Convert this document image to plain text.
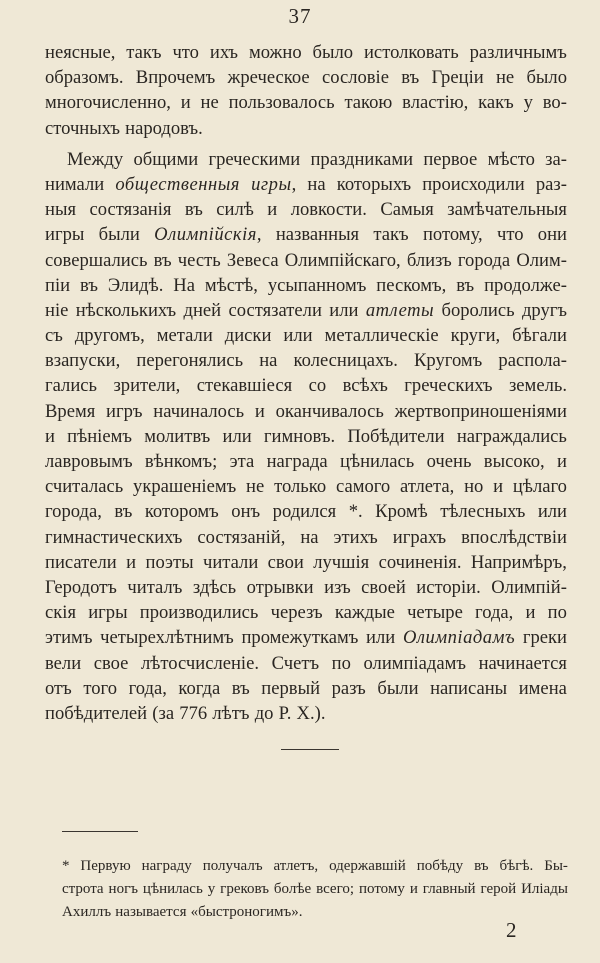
37
неясные, такъ что ихъ можно было истолковать различнымъ
образомъ. Впрочемъ жреческое сословіе въ Греціи не было
многочисленно, и не пользовалось такою властію, какъ у во-
сточныхъ народовъ.
Между общими греческими праздниками первое мѣсто за-
нимали общественныя игры, на которыхъ происходили раз-
ныя состязанія въ силѣ и ловкости. Самыя замѣчательныя
игры были Олимпійскія, названныя такъ потому, что они
совершались въ честь Зевеса Олимпійскаго, близъ города Олим-
піи въ Элидѣ. На мѣстѣ, усыпанномъ пескомъ, въ продолже-
ніе нѣсколькихъ дней состязатели или атлеты боролись другъ
съ другомъ, метали диски или металлическіе круги, бѣгали
взапуски, перегонялись на колесницахъ. Кругомъ распола-
гались зрители, стекавшіеся со всѣхъ греческихъ земель.
Время игръ начиналось и оканчивалось жертвоприношеніями
и пѣніемъ молитвъ или гимновъ. Побѣдители награждались
лавровымъ вѣнкомъ; эта награда цѣнилась очень высоко, и
считалась украшеніемъ не только самого атлета, но и цѣлаго
города, въ которомъ онъ родился *. Кромѣ тѣлесныхъ или
гимнастическихъ состязаній, на этихъ играхъ впослѣдствіи
писатели и поэты читали свои лучшія сочиненія. Напримѣръ,
Геродотъ читалъ здѣсь отрывки изъ своей исторіи. Олимпій-
скія игры производились черезъ каждые четыре года, и по
этимъ четырехлѣтнимъ промежуткамъ или Олимпіадамъ греки
вели свое лѣтосчисленіе. Счетъ по олимпіадамъ начинается
отъ того года, когда въ первый разъ были написаны имена
побѣдителей (за 776 лѣтъ до Р. Х.).
* Первую награду получалъ атлетъ, одержавшій побѣду въ бѣгѣ. Бы-
строта ногъ цѣнилась у грековъ болѣе всего; потому и главный герой Иліады
Ахиллъ называется «быстроногимъ».
2
